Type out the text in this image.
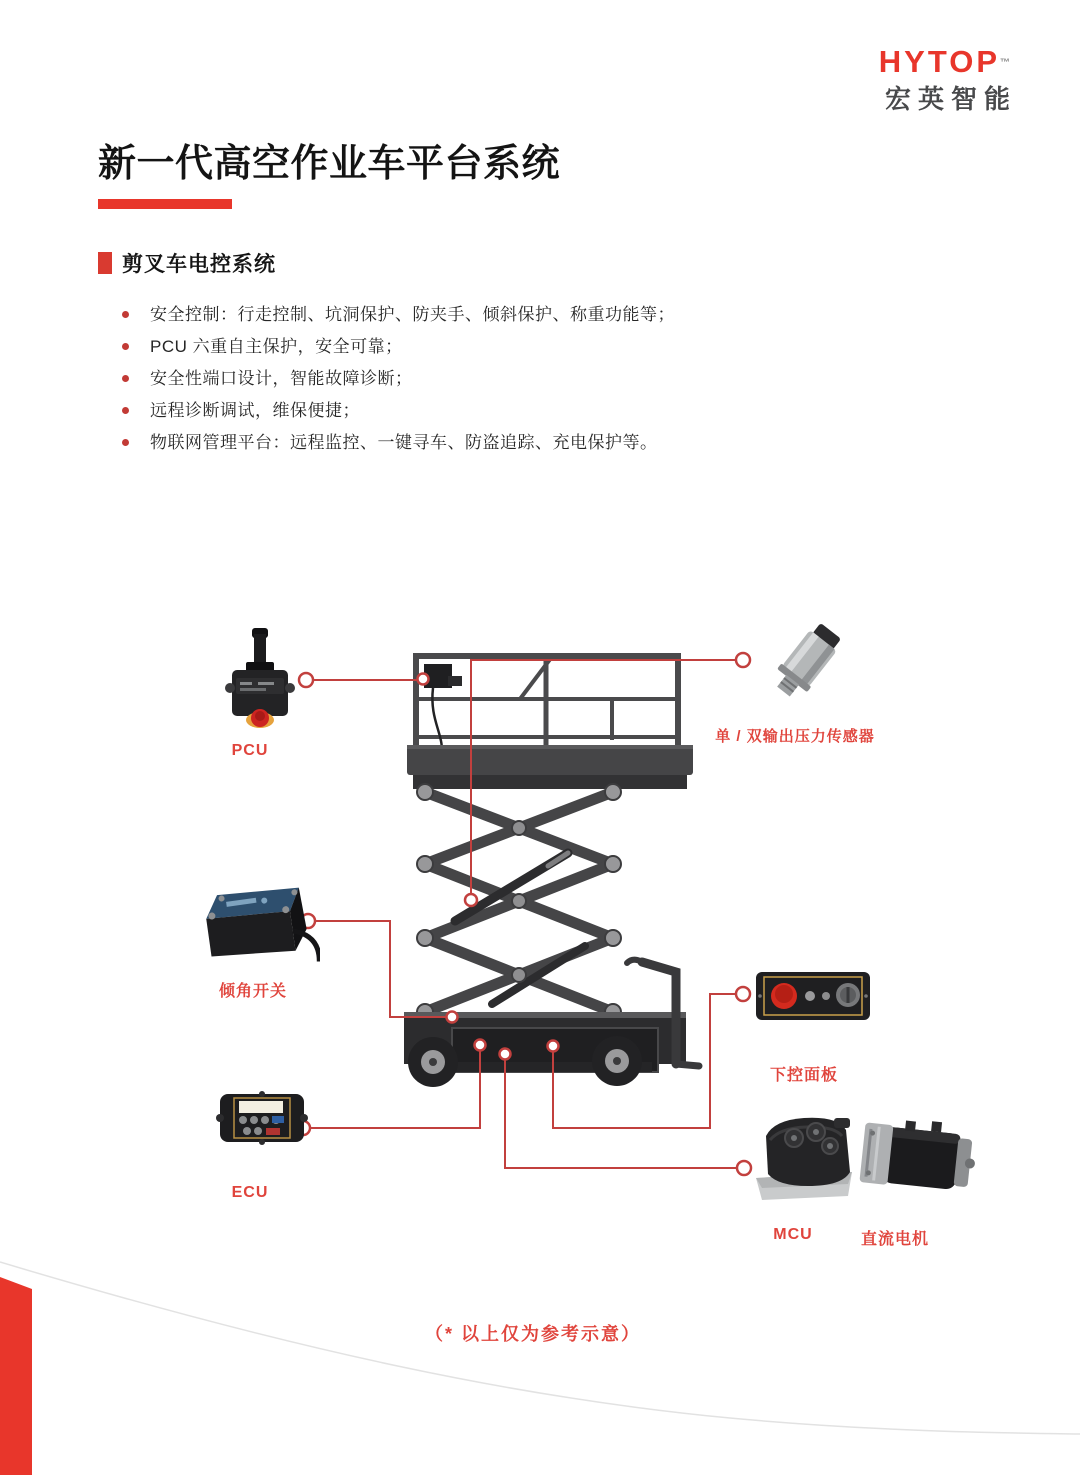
HYTOP™
宏英智能
新一代高空作业车平台系统
剪叉车电控系统
安全控制：行走控制、坑洞保护、防夹手、倾斜保护、称重功能等；
PCU 六重自主保护，安全可靠；
安全性端口设计，智能故障诊断；
远程诊断调试，维保便捷；
物联网管理平台：远程监控、一键寻车、防盗追踪、充电保护等。
PCU
单 / 双输出压力传感器
倾角开关
下控面板
ECU
MCU	直流电机
（* 以上仅为参考示意）
